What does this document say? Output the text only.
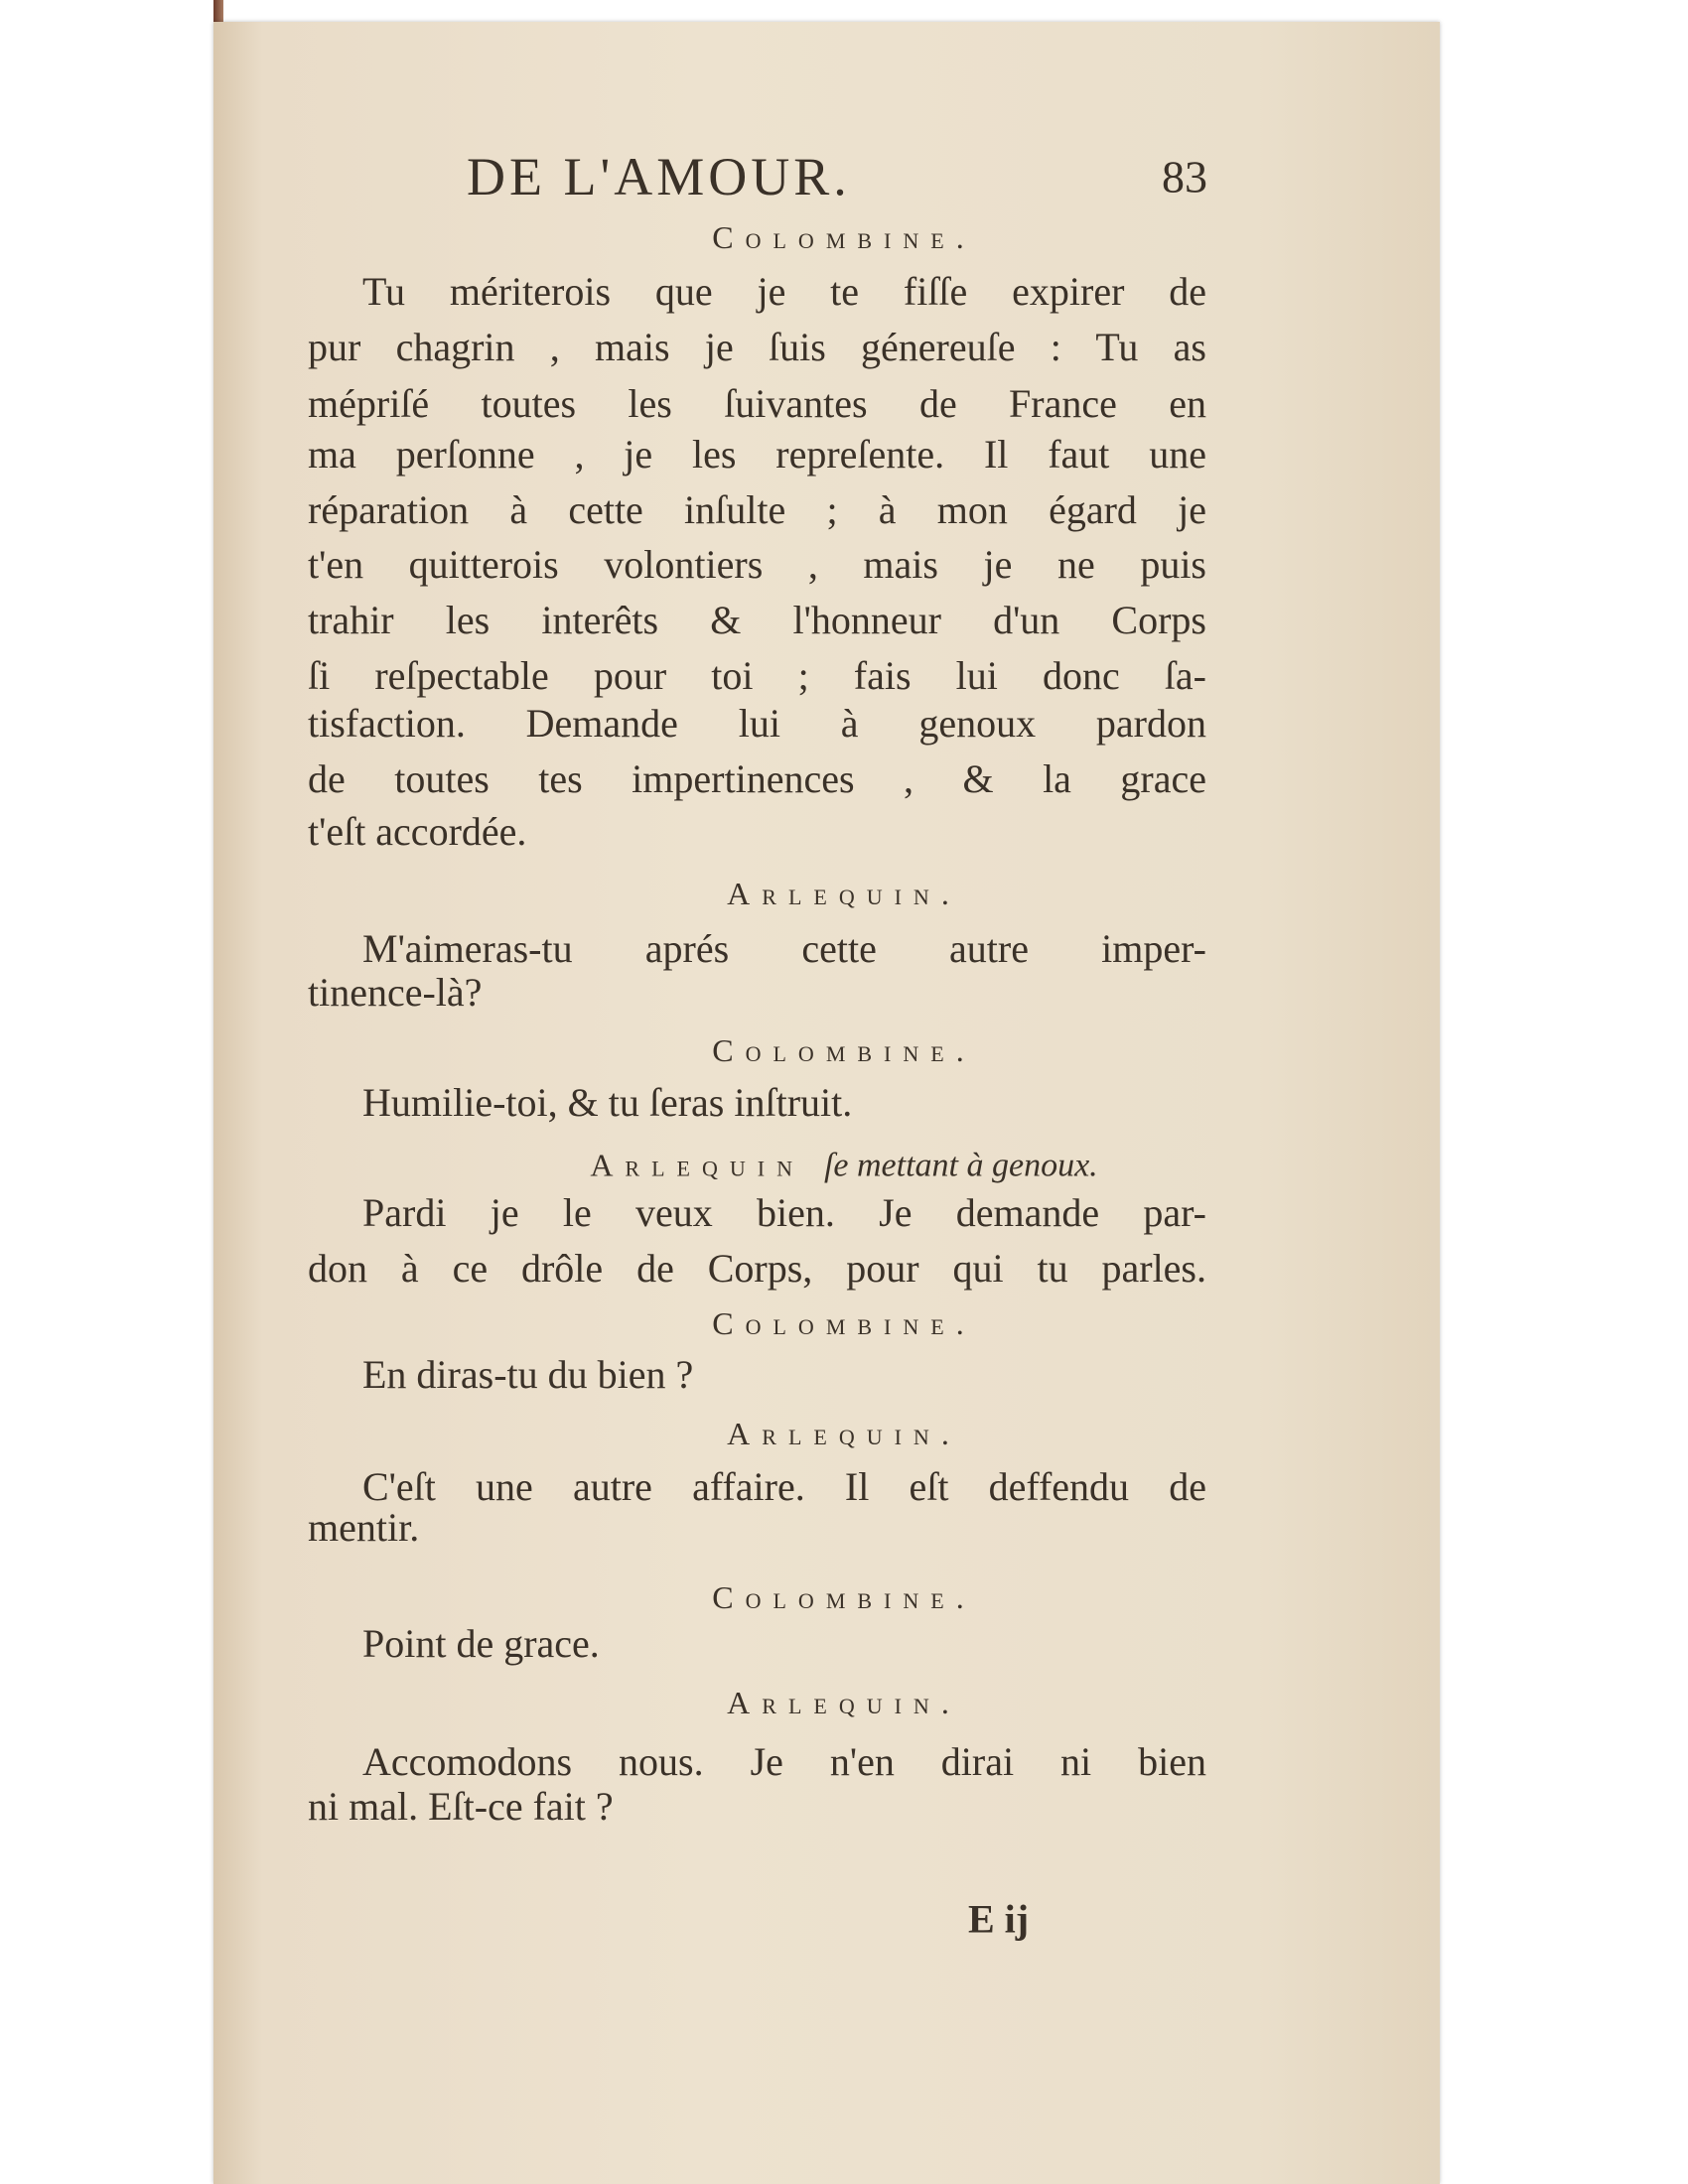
DE L'AMOUR.	83
Colombine.
Tu mériterois que je te fiſſe expirer de
pur chagrin , mais je ſuis génereuſe : Tu as
mépriſé toutes les ſuivantes de France en
ma perſonne , je les repreſente. Il faut une
réparation à cette inſulte ; à mon égard je
t'en quitterois volontiers , mais je ne puis
trahir les interêts & l'honneur d'un Corps
ſi reſpectable pour toi ; fais lui donc ſa-
tisfaction. Demande lui à genoux pardon
de toutes tes impertinences , & la grace
t'eſt accordée.
Arlequin.
M'aimeras-tu aprés cette autre imper-
tinence-là?
Colombine.
Humilie-toi, & tu ſeras inſtruit.
Arlequin ſe mettant à genoux.
Pardi je le veux bien. Je demande par-
don à ce drôle de Corps, pour qui tu parles.
Colombine.
En diras-tu du bien ?
Arlequin.
C'eſt une autre affaire. Il eſt deffendu de
mentir.
Colombine.
Point de grace.
Arlequin.
Accomodons nous. Je n'en dirai ni bien
ni mal. Eſt-ce fait ?
E ij
